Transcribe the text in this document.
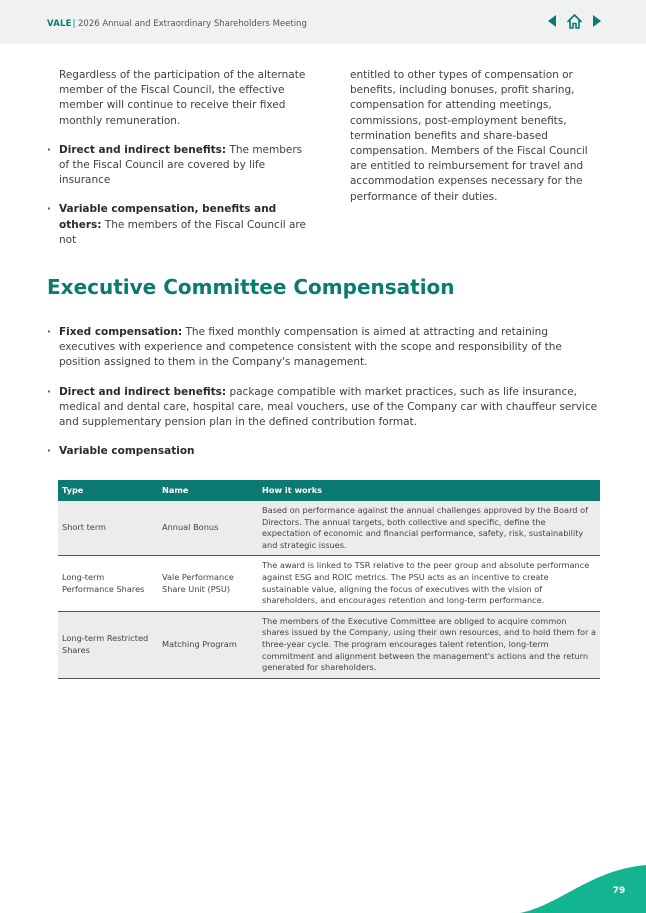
VALE| 2026 Annual and Extraordinary Shareholders Meeting

Regardless of the participation of the alternate member of the Fiscal Council, the effective member will continue to receive their fixed monthly remuneration.

· Direct and indirect benefits: The members of the Fiscal Council are covered by life insurance

· Variable compensation, benefits and others: The members of the Fiscal Council are not

entitled to other types of compensation or benefits, including bonuses, profit sharing, compensation for attending meetings, commissions, post-employment benefits, termination benefits and share-based compensation. Members of the Fiscal Council are entitled to reimbursement for travel and accommodation expenses necessary for the performance of their duties.

Executive Committee Compensation

· Fixed compensation: The fixed monthly compensation is aimed at attracting and retaining executives with experience and competence consistent with the scope and responsibility of the position assigned to them in the Company's management.

· Direct and indirect benefits: package compatible with market practices, such as life insurance, medical and dental care, hospital care, meal vouchers, use of the Company car with chauffeur service and supplementary pension plan in the defined contribution format.

· Variable compensation

Type	Name	How it works
Short term	Annual Bonus	Based on performance against the annual challenges approved by the Board of Directors. The annual targets, both collective and specific, define the expectation of economic and financial performance, safety, risk, sustainability and strategic issues.
Long-term Performance Shares	Vale Performance Share Unit (PSU)	The award is linked to TSR relative to the peer group and absolute performance against ESG and ROIC metrics. The PSU acts as an incentive to create sustainable value, aligning the focus of executives with the vision of shareholders, and encourages retention and long-term performance.
Long-term Restricted Shares	Matching Program	The members of the Executive Committee are obliged to acquire common shares issued by the Company, using their own resources, and to hold them for a three-year cycle. The program encourages talent retention, long-term commitment and alignment between the management's actions and the return generated for shareholders.
79
